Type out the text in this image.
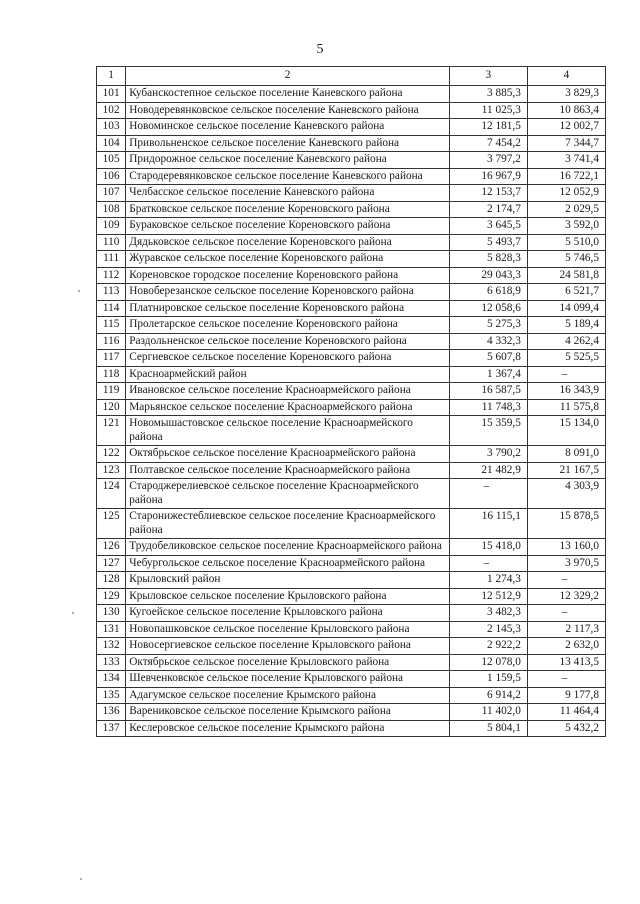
5
1	2	3	4
101	Кубанскостепное сельское поселение Каневского района	3 885,3	3 829,3
102	Новодеревянковское сельское поселение Каневского района	11 025,3	10 863,4
103	Новоминское сельское поселение Каневского района	12 181,5	12 002,7
104	Привольненское сельское поселение Каневского района	7 454,2	7 344,7
105	Придорожное сельское поселение Каневского района	3 797,2	3 741,4
106	Стародеревянковское сельское поселение Каневского района	16 967,9	16 722,1
107	Челбасское сельское поселение Каневского района	12 153,7	12 052,9
108	Братковское сельское поселение Кореновского района	2 174,7	2 029,5
109	Бураковское сельское поселение Кореновского района	3 645,5	3 592,0
110	Дядьковское сельское поселение Кореновского района	5 493,7	5 510,0
111	Журавское сельское поселение Кореновского района	5 828,3	5 746,5
112	Кореновское городское поселение Кореновского района	29 043,3	24 581,8
113	Новоберезанское сельское поселение Кореновского района	6 618,9	6 521,7
114	Платнировское сельское поселение Кореновского района	12 058,6	14 099,4
115	Пролетарское сельское поселение Кореновского района	5 275,3	5 189,4
116	Раздольненское сельское поселение Кореновского района	4 332,3	4 262,4
117	Сергиевское сельское поселение Кореновского района	5 607,8	5 525,5
118	Красноармейский район	1 367,4	–
119	Ивановское сельское поселение Красноармейского района	16 587,5	16 343,9
120	Марьянское сельское поселение Красноармейского района	11 748,3	11 575,8
121	Новомышастовское сельское поселение Красноармейского района	15 359,5	15 134,0
122	Октябрьское сельское поселение Красноармейского района	3 790,2	8 091,0
123	Полтавское сельское поселение Красноармейского района	21 482,9	21 167,5
124	Староджерелиевское сельское поселение Красноармейского района	–	4 303,9
125	Старонижестеблиевское сельское поселение Красноармейского района	16 115,1	15 878,5
126	Трудобеликовское сельское поселение Красноармейского района	15 418,0	13 160,0
127	Чебургольское сельское поселение Красноармейского района	–	3 970,5
128	Крыловский район	1 274,3	–
129	Крыловское сельское поселение Крыловского района	12 512,9	12 329,2
130	Кугоейское сельское поселение Крыловского района	3 482,3	–
131	Новопашковское сельское поселение Крыловского района	2 145,3	2 117,3
132	Новосергиевское сельское поселение Крыловского района	2 922,2	2 632,0
133	Октябрьское сельское поселение Крыловского района	12 078,0	13 413,5
134	Шевченковское сельское поселение Крыловского района	1 159,5	–
135	Адагумское сельское поселение Крымского района	6 914,2	9 177,8
136	Варениковское сельское поселение Крымского района	11 402,0	11 464,4
137	Кеслеровское сельское поселение Крымского района	5 804,1	5 432,2
